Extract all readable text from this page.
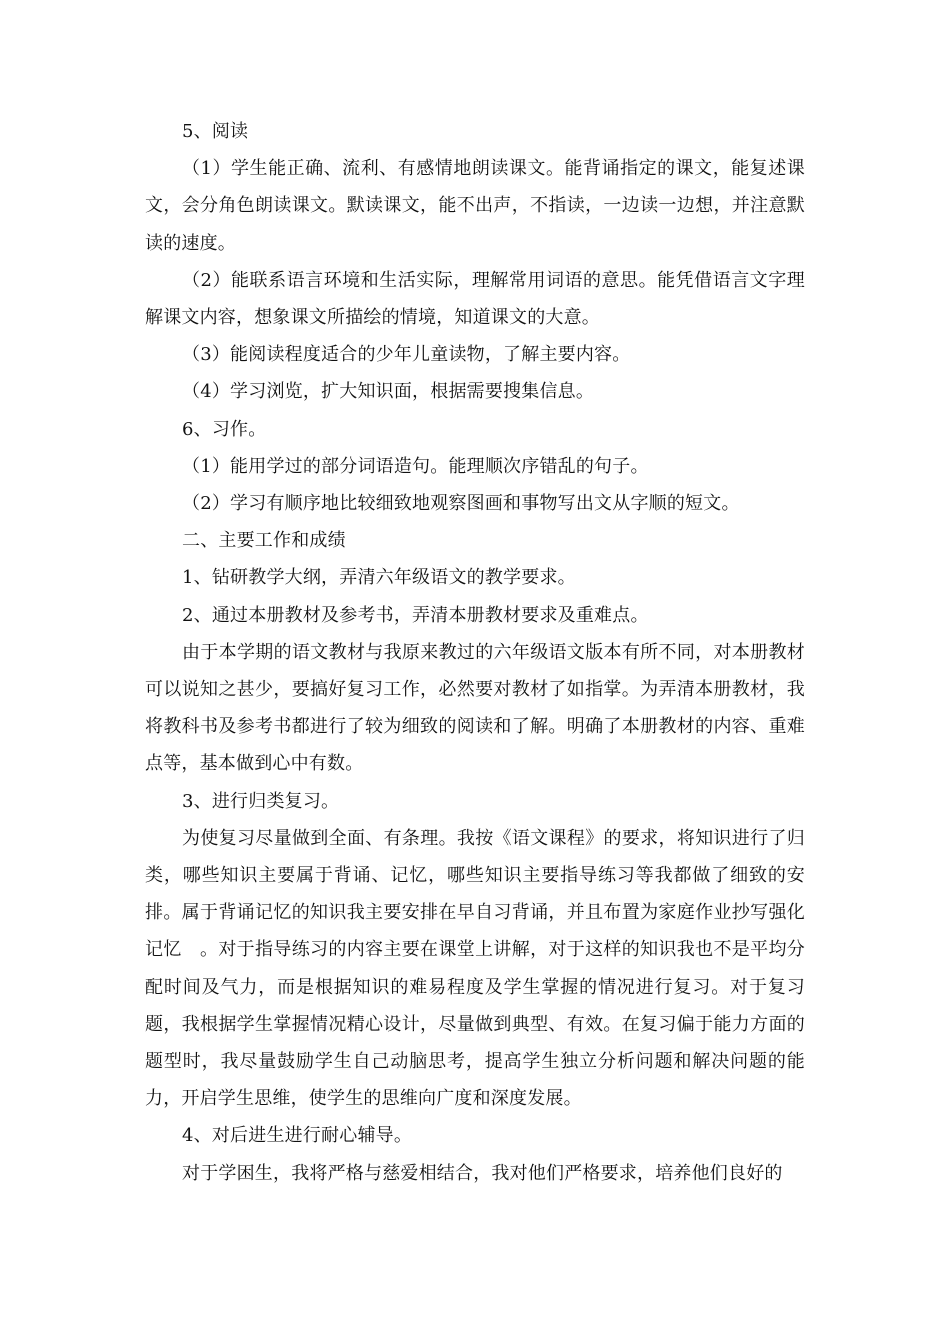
5、阅读

（1）学生能正确、流利、有感情地朗读课文。能背诵指定的课文，能复述课文，会分角色朗读课文。默读课文，能不出声，不指读，一边读一边想，并注意默读的速度。

（2）能联系语言环境和生活实际，理解常用词语的意思。能凭借语言文字理解课文内容，想象课文所描绘的情境，知道课文的大意。

（3）能阅读程度适合的少年儿童读物，了解主要内容。

（4）学习浏览，扩大知识面，根据需要搜集信息。

6、习作。

（1）能用学过的部分词语造句。能理顺次序错乱的句子。

（2）学习有顺序地比较细致地观察图画和事物写出文从字顺的短文。

二、主要工作和成绩

1、钻研教学大纲，弄清六年级语文的教学要求。

2、通过本册教材及参考书，弄清本册教材要求及重难点。

由于本学期的语文教材与我原来教过的六年级语文版本有所不同，对本册教材可以说知之甚少，要搞好复习工作，必然要对教材了如指掌。为弄清本册教材，我将教科书及参考书都进行了较为细致的阅读和了解。明确了本册教材的内容、重难点等，基本做到心中有数。

3、进行归类复习。

为使复习尽量做到全面、有条理。我按《语文课程》的要求，将知识进行了归类，哪些知识主要属于背诵、记忆，哪些知识主要指导练习等我都做了细致的安排。属于背诵记忆的知识我主要安排在早自习背诵，并且布置为家庭作业抄写强化记忆　。对于指导练习的内容主要在课堂上讲解，对于这样的知识我也不是平均分配时间及气力，而是根据知识的难易程度及学生掌握的情况进行复习。对于复习题，我根据学生掌握情况精心设计，尽量做到典型、有效。在复习偏于能力方面的题型时，我尽量鼓励学生自己动脑思考，提高学生独立分析问题和解决问题的能力，开启学生思维，使学生的思维向广度和深度发展。

4、对后进生进行耐心辅导。

对于学困生，我将严格与慈爱相结合，我对他们严格要求，培养他们良好的
